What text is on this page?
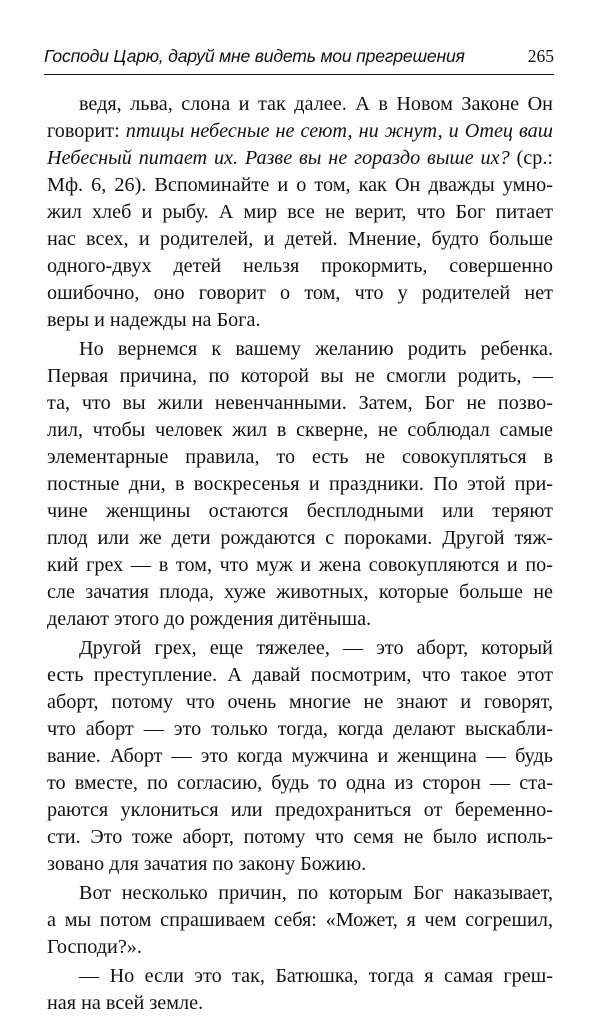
Господи Царю, даруй мне видеть мои прегрешения	265
ведя, льва, слона и так далее. А в Новом Законе Он
говорит: птицы небесные не сеют, ни жнут, и Отец ваш
Небесный питает их. Разве вы не гораздо выше их? (ср.:
Мф. 6, 26). Вспоминайте и о том, как Он дважды умно-
жил хлеб и рыбу. А мир все не верит, что Бог питает
нас всех, и родителей, и детей. Мнение, будто больше
одного-двух детей нельзя прокормить, совершенно
ошибочно, оно говорит о том, что у родителей нет
веры и надежды на Бога.
Но вернемся к вашему желанию родить ребенка.
Первая причина, по которой вы не смогли родить, —
та, что вы жили невенчанными. Затем, Бог не позво-
лил, чтобы человек жил в скверне, не соблюдал самые
элементарные правила, то есть не совокупляться в
постные дни, в воскресенья и праздники. По этой при-
чине женщины остаются бесплодными или теряют
плод или же дети рождаются с пороками. Другой тяж-
кий грех — в том, что муж и жена совокупляются и по-
сле зачатия плода, хуже животных, которые больше не
делают этого до рождения дитёныша.
Другой грех, еще тяжелее, — это аборт, который
есть преступление. А давай посмотрим, что такое этот
аборт, потому что очень многие не знают и говорят,
что аборт — это только тогда, когда делают выскабли-
вание. Аборт — это когда мужчина и женщина — будь
то вместе, по согласию, будь то одна из сторон — ста-
раются уклониться или предохраниться от беременно-
сти. Это тоже аборт, потому что семя не было исполь-
зовано для зачатия по закону Божию.
Вот несколько причин, по которым Бог наказывает,
а мы потом спрашиваем себя: «Может, я чем согрешил,
Господи?».
— Но если это так, Батюшка, тогда я самая греш-
ная на всей земле.
